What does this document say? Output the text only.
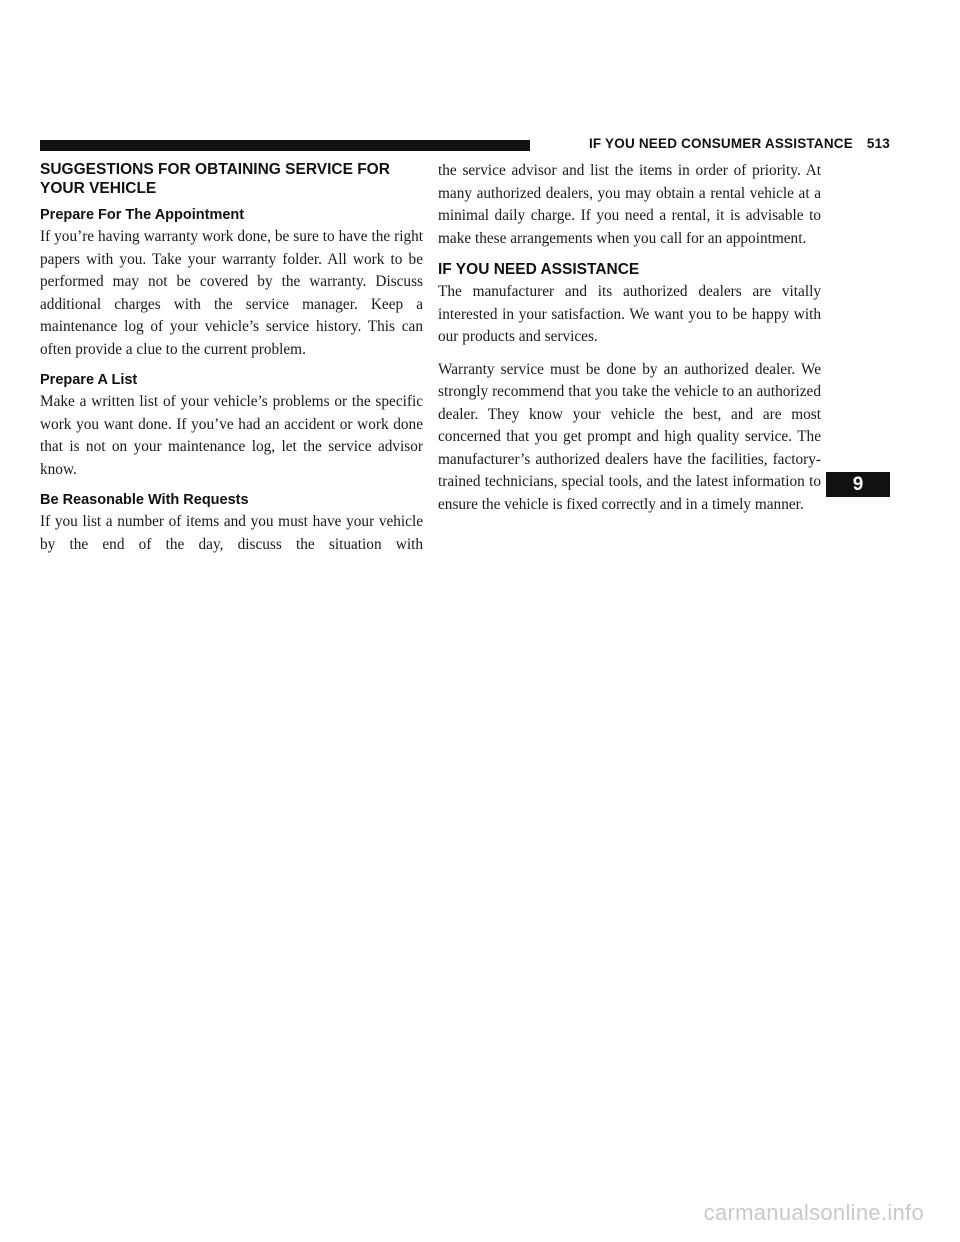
IF YOU NEED CONSUMER ASSISTANCE 513
SUGGESTIONS FOR OBTAINING SERVICE FOR YOUR VEHICLE
Prepare For The Appointment

If you’re having warranty work done, be sure to have the right papers with you. Take your warranty folder. All work to be performed may not be covered by the warranty. Discuss additional charges with the service manager. Keep a maintenance log of your vehicle’s service history. This can often provide a clue to the current problem.

Prepare A List

Make a written list of your vehicle’s problems or the specific work you want done. If you’ve had an accident or work done that is not on your maintenance log, let the service advisor know.

Be Reasonable With Requests

If you list a number of items and you must have your vehicle by the end of the day, discuss the situation with

the service advisor and list the items in order of priority. At many authorized dealers, you may obtain a rental vehicle at a minimal daily charge. If you need a rental, it is advisable to make these arrangements when you call for an appointment.

IF YOU NEED ASSISTANCE

The manufacturer and its authorized dealers are vitally interested in your satisfaction. We want you to be happy with our products and services.

Warranty service must be done by an authorized dealer. We strongly recommend that you take the vehicle to an authorized dealer. They know your vehicle the best, and are most concerned that you get prompt and high quality service. The manufacturer’s authorized dealers have the facilities, factory-trained technicians, special tools, and the latest information to ensure the vehicle is fixed correctly and in a timely manner.

9
carmanualsonline.info
